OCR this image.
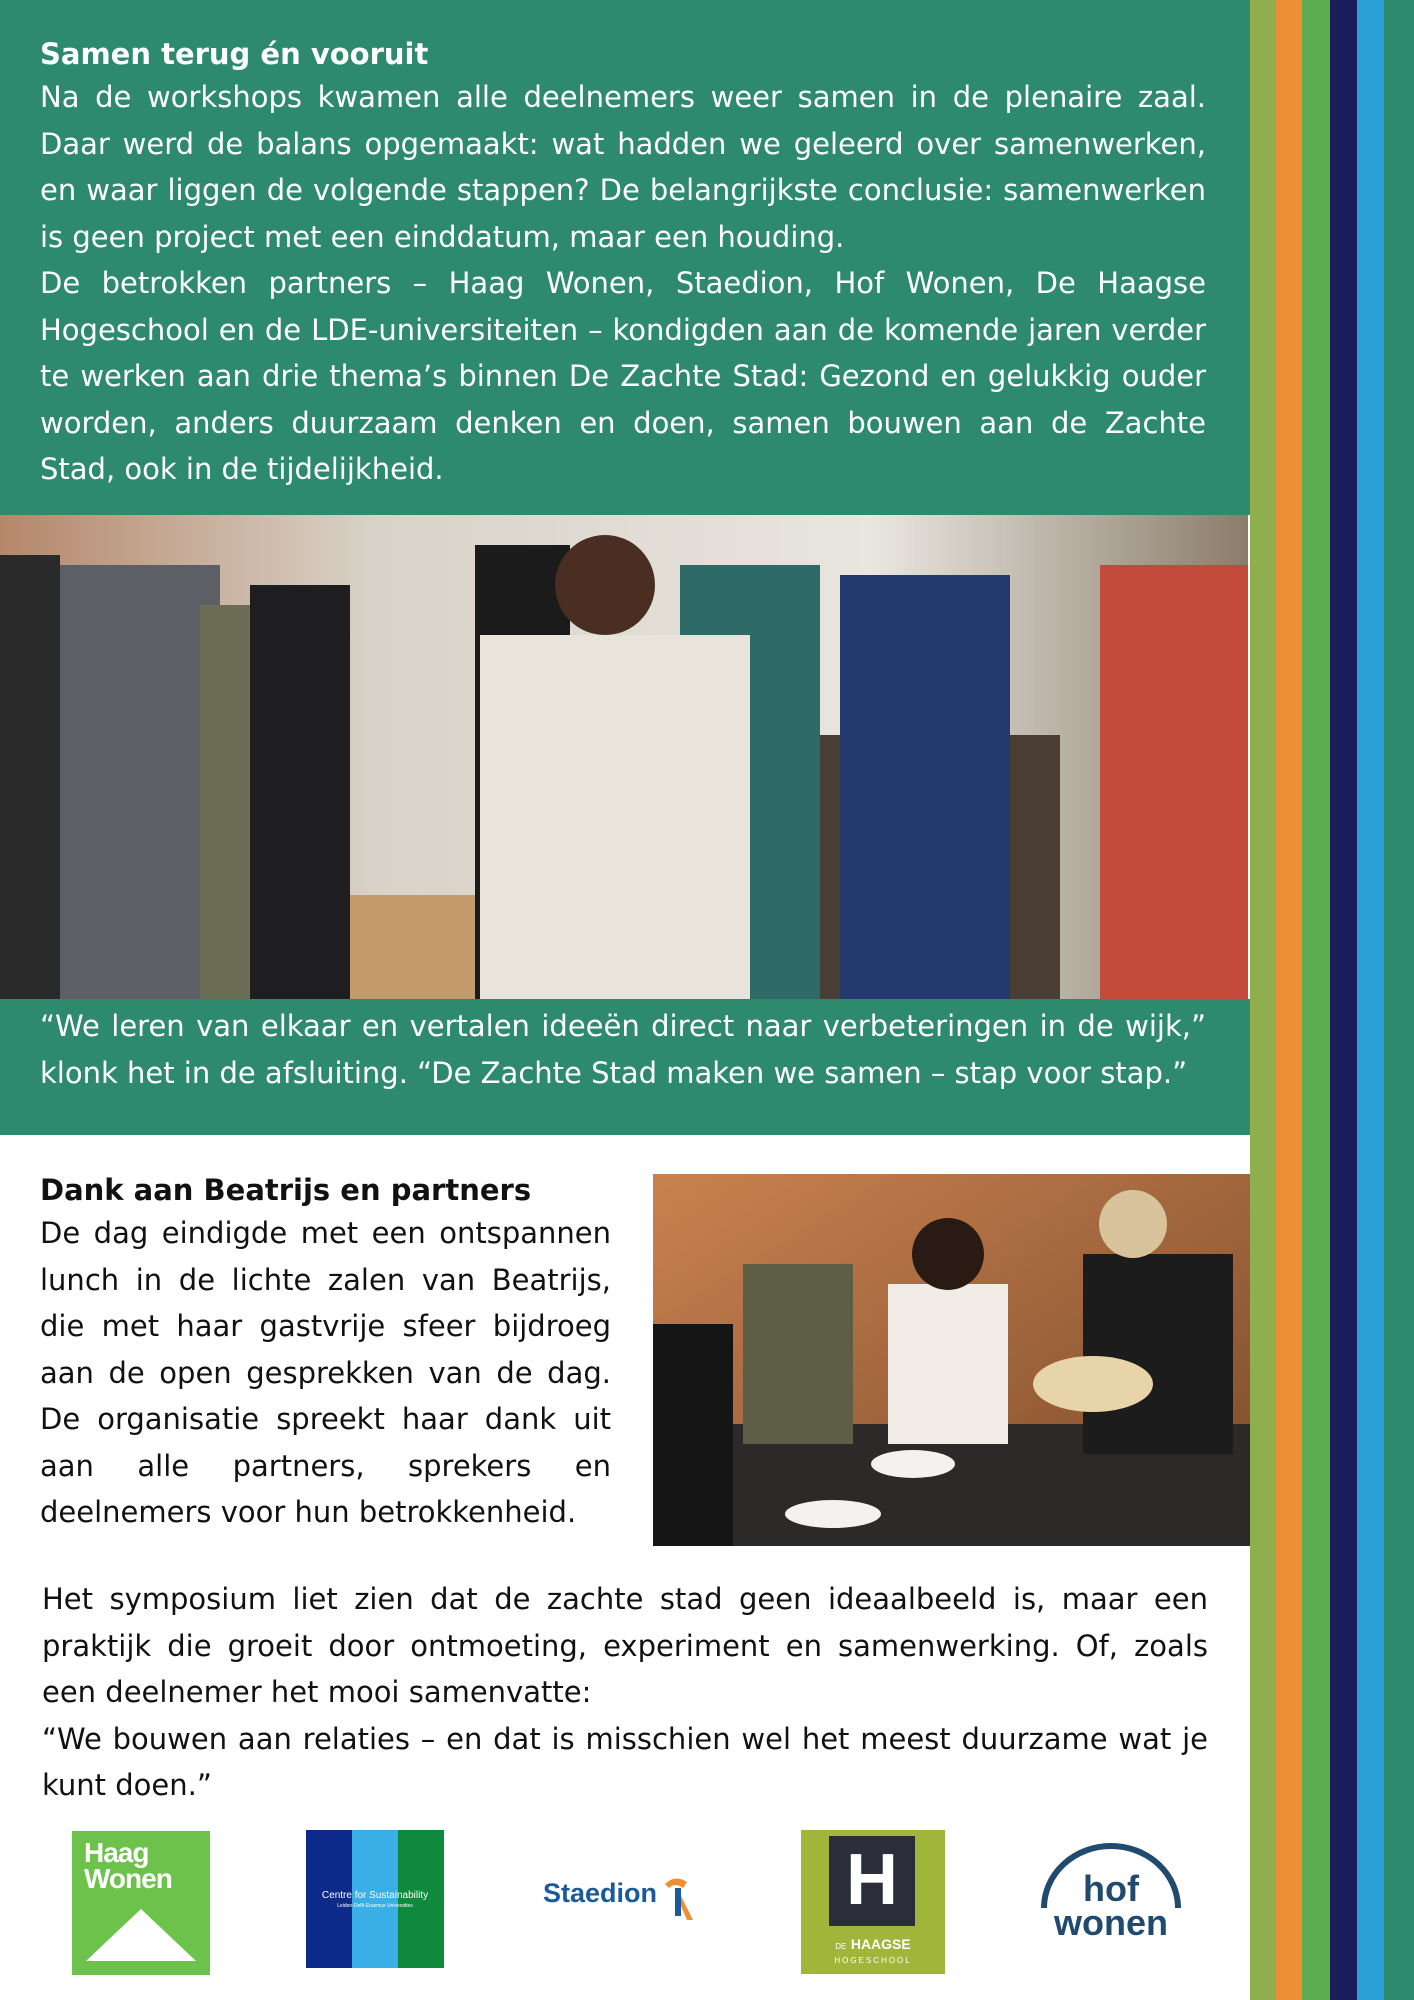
Samen terug én vooruit

Na de workshops kwamen alle deelnemers weer samen in de plenaire zaal. Daar werd de balans opgemaakt: wat hadden we geleerd over samenwerken, en waar liggen de volgende stappen? De belangrijkste conclusie: samenwerken is geen project met een einddatum, maar een houding.

De betrokken partners – Haag Wonen, Staedion, Hof Wonen, De Haagse Hogeschool en de LDE-universiteiten – kondigden aan de komende jaren verder te werken aan drie thema’s binnen De Zachte Stad: Gezond en gelukkig ouder worden, anders duurzaam denken en doen, samen bouwen aan de Zachte Stad, ook in de tijdelijkheid.

“We leren van elkaar en vertalen ideeën direct naar verbeteringen in de wijk,” klonk het in de afsluiting. “De Zachte Stad maken we samen – stap voor stap.”

Dank aan Beatrijs en partners

De dag eindigde met een ontspannen lunch in de lichte zalen van Beatrijs, die met haar gastvrije sfeer bijdroeg aan de open gesprekken van de dag. De organisatie spreekt haar dank uit aan alle partners, sprekers en deelnemers voor hun betrokkenheid.

Het symposium liet zien dat de zachte stad geen ideaalbeeld is, maar een praktijk die groeit door ontmoeting, experiment en samenwerking. Of, zoals een deelnemer het mooi samenvatte:

“We bouwen aan relaties – en dat is misschien wel het meest duurzame wat je kunt doen.”

Haag
Wonen
Centre for Sustainability
Leiden-Delft-Erasmus Universities	Staedion	H
DE HAAGSE
HOGESCHOOL
hof
wonen
